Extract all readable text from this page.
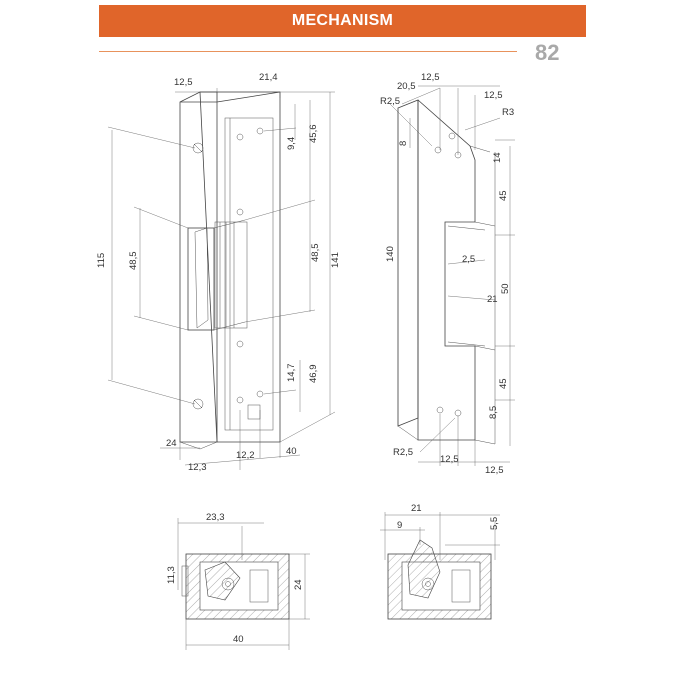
MECHANISM
82
12,5	21,4
9,4
45,6
115 48,5	48,5 141
14,7 46,9
24
12,3
12,2	40
12,5
20,5
12,5
R2,5
R3
8
14
45
140	2,5
21
50
45
8,5
R2,5
12,5
12,5
23,3
11,3
24
40
21
9	5,5
